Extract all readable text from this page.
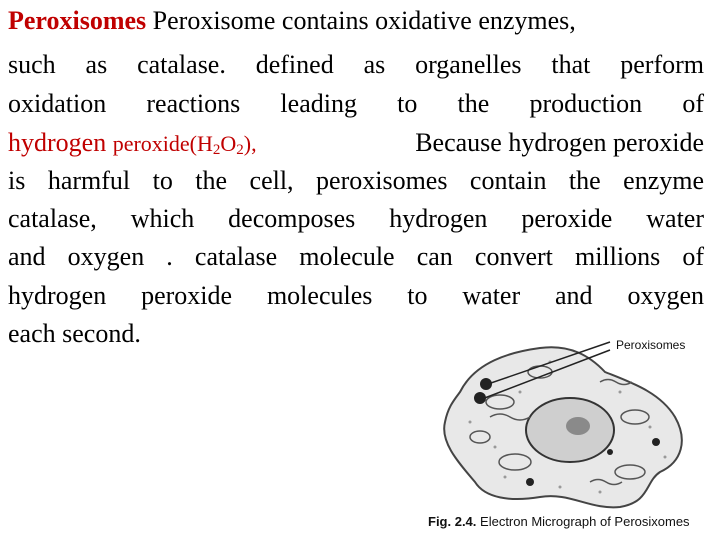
Peroxisomes Peroxisome contains oxidative enzymes,
such as catalase. defined as organelles that perform
oxidation reactions leading to the production of
hydrogen $peroxide(H_2O_2)$,	Because hydrogen peroxide
is harmful to the cell, peroxisomes contain the enzyme
catalase, which decomposes hydrogen peroxide water
and oxygen . catalase molecule can convert millions of
hydrogen peroxide molecules to water and oxygen
each second.	Peroxisomes
Fig. 2.4. Electron Micrograph of Perosixomes
